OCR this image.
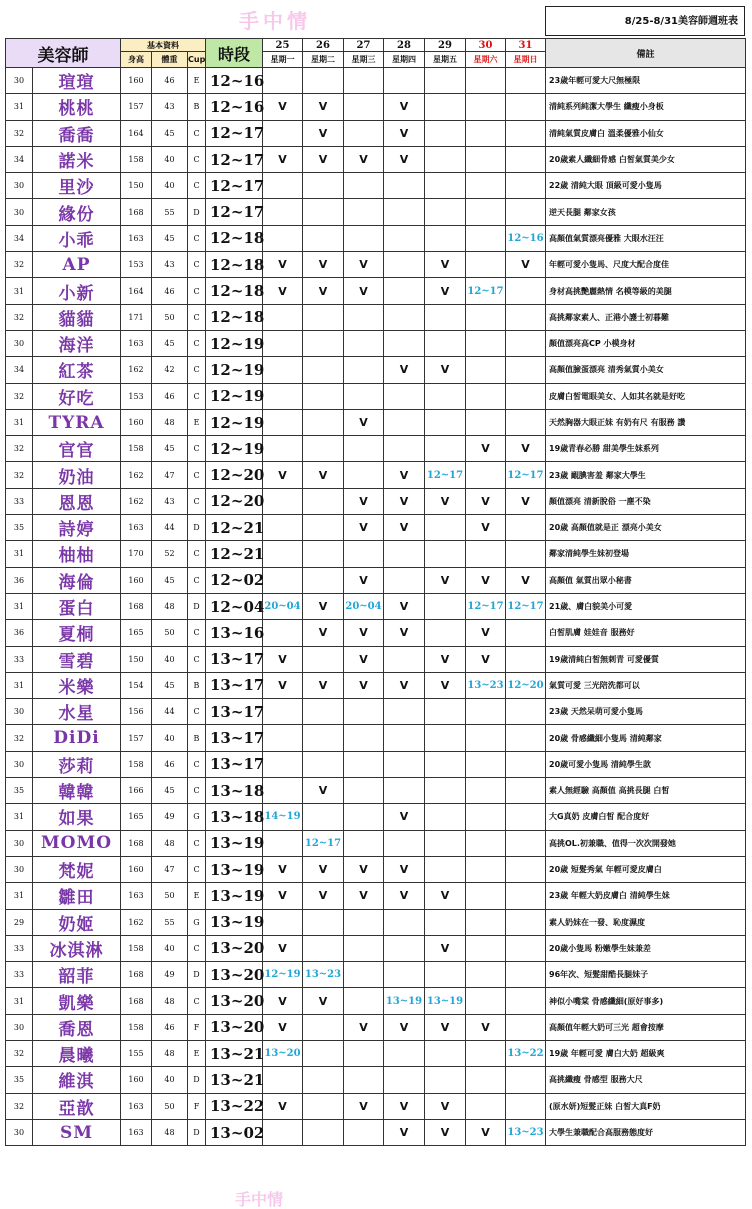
手中情	8/25-8/31美容師週班表
美容師		基本資料			時段	25	26	27	28	29	30	31	備註
		身高	體重	Cup		星期一	星期二	星期三	星期四	星期五	星期六	星期日	
30	瑄瑄	160	46	E	12~16								23歲年輕可愛大尺無極限
31	桃桃	157	43	B	12~16	V	V		V				清純系列純潔大學生 纖瘦小身板
32	喬喬	164	45	C	12~17		V		V				清純氣質皮膚白 溫柔優雅小仙女
34	諾米	158	40	C	12~17	V	V	V	V				20歲素人纖細骨感 白皙氣質美少女
30	里沙	150	40	C	12~17								22歲 清純大眼 頂級可愛小隻馬
30	緣份	168	55	D	12~17								逆天長腿 鄰家女孩
34	小乖	163	45	C	12~18							12~16	高顏值氣質漂亮優雅 大眼水汪汪
32	AP	153	43	C	12~18	V	V	V		V		V	年輕可愛小隻馬、尺度大配合度佳
31	小新	164	46	C	12~18	V	V	V		V	12~17		身材高挑艷麗熱情 名模等級的美腿
32	貓貓	171	50	C	12~18								高挑鄰家素人、正港小護士初暮難
30	海洋	163	45	C	12~19								顏值漂亮高CP 小模身材
34	紅茶	162	42	C	12~19				V	V			高顏值臉蛋漂亮 清秀氣質小美女
32	好吃	153	46	C	12~19								皮膚白皙電眼美女、人如其名就是好吃
31	TYRA	160	48	E	12~19			V					天然胸器大眼正妹 有奶有尺 有服務 讚
32	官官	158	45	C	12~19						V	V	19歲青春必勝 甜美學生妹系列
32	奶油	162	47	C	12~20	V	V		V	12~17		12~17	23歲 靦腆害羞 鄰家大學生
33	恩恩	162	43	C	12~20			V	V	V	V	V	顏值漂亮 清新脫俗 一塵不染
35	詩婷	163	44	D	12~21			V	V		V		20歲 高顏值就是正 漂亮小美女
31	柚柚	170	52	C	12~21								鄰家清純學生妹初登場
36	海倫	160	45	C	12~02			V		V	V	V	高顏值 氣質出眾小秘書
31	蛋白	168	48	D	12~04	20~04	V	20~04	V		12~17	12~17	21歲、膚白貌美小可愛
36	夏桐	165	50	C	13~16		V	V	V		V		白皙肌膚 娃娃音 服務好
33	雪碧	150	40	C	13~17	V		V		V	V		19歲清純白皙無刺青 可愛優質
31	米樂	154	45	B	13~17	V	V	V	V	V	13~23	12~20	氣質可愛 三光陪洗都可以
30	水星	156	44	C	13~17								23歲 天然呆萌可愛小隻馬
32	DiDi	157	40	B	13~17								20歲 骨感纖細小隻馬 清純鄰家
30	莎莉	158	46	C	13~17								20歲可愛小隻馬 清純學生款
35	韓韓	166	45	C	13~18		V						素人無經驗 高顏值 高挑長腿 白皙
31	如果	165	49	G	13~18	14~19			V				大G真奶 皮膚白皙 配合度好
30	MOMO	168	48	C	13~19		12~17						高挑OL.初兼職、值得一次次開發她
30	梵妮	160	47	C	13~19	V	V	V	V				20歲 短髮秀氣 年輕可愛皮膚白
31	雛田	163	50	E	13~19	V	V	V	V	V			23歲 年輕大奶皮膚白 清純學生妹
29	奶姬	162	55	G	13~19								素人奶妹在一發、恥度濕度
33	冰淇淋	158	40	C	13~20	V				V			20歲小隻馬 粉嫩學生妹兼差
33	韶菲	168	49	D	13~20	12~19	13~23						96年次、短髮甜酷長腿妹子
31	凱樂	168	48	C	13~20	V	V		13~19	13~19			神似小嘴棠 骨感纖細(原好事多)
30	喬恩	158	46	F	13~20	V		V	V	V	V		高顏值年輕大奶可三光 超會按摩
32	晨曦	155	48	E	13~21	13~20						13~22	19歲 年輕可愛 膚白大奶 超級爽
35	維淇	160	40	D	13~21								高挑纖瘦 骨感型 服務大尺
32	亞歆	163	50	F	13~22	V		V	V	V			(原水妍)短髮正妹 白皙大真F奶
30	SM	163	48	D	13~02				V	V	V	13~23	大學生兼職配合高服務態度好
手中情
